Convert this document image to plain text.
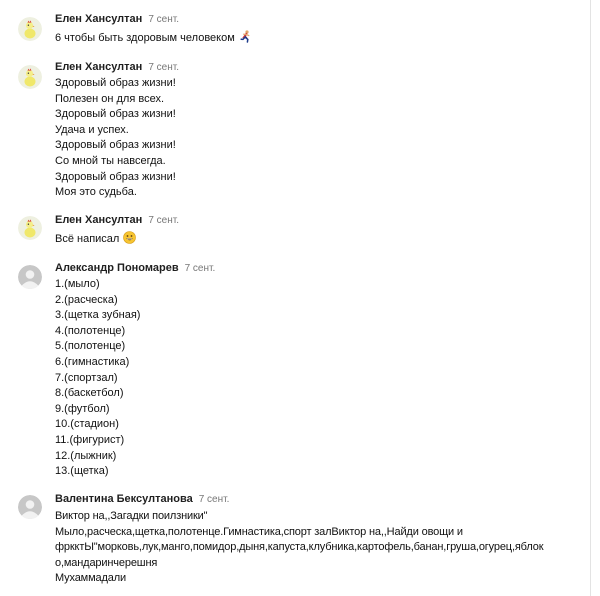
Елен Хансултан 7 сент.
6 чтобы быть здоровым человеком
Елен Хансултан 7 сент.
Здоровый образ жизни!
Полезен он для всех.
Здоровый образ жизни!
Удача и успех.
Здоровый образ жизни!
Со мной ты навсегда.
Здоровый образ жизни!
Моя это судьба.
Елен Хансултан 7 сент.
Всё написал
Александр Пономарев 7 сент.
1.(мыло)
2.(расческа)
3.(щетка зубная)
4.(полотенце)
5.(полотенце)
6.(гимнастика)
7.(спортзал)
8.(баскетбол)
9.(футбол)
10.(стадион)
11.(фигурист)
12.(лыжник)
13.(щетка)
Валентина Бексултанова 7 сент.
Виктор на,,Загадки поилзники"
Мыло,расческа,щетка,полотенце.Гимнастика,спорт залВиктор на,,Найди овощи и
фркктЫ"морковь,лук,манго,помидор,дыня,капуста,клубника,картофель,банан,груша,огурец,яблок
о,мандаринчерешня
Мухаммадали
